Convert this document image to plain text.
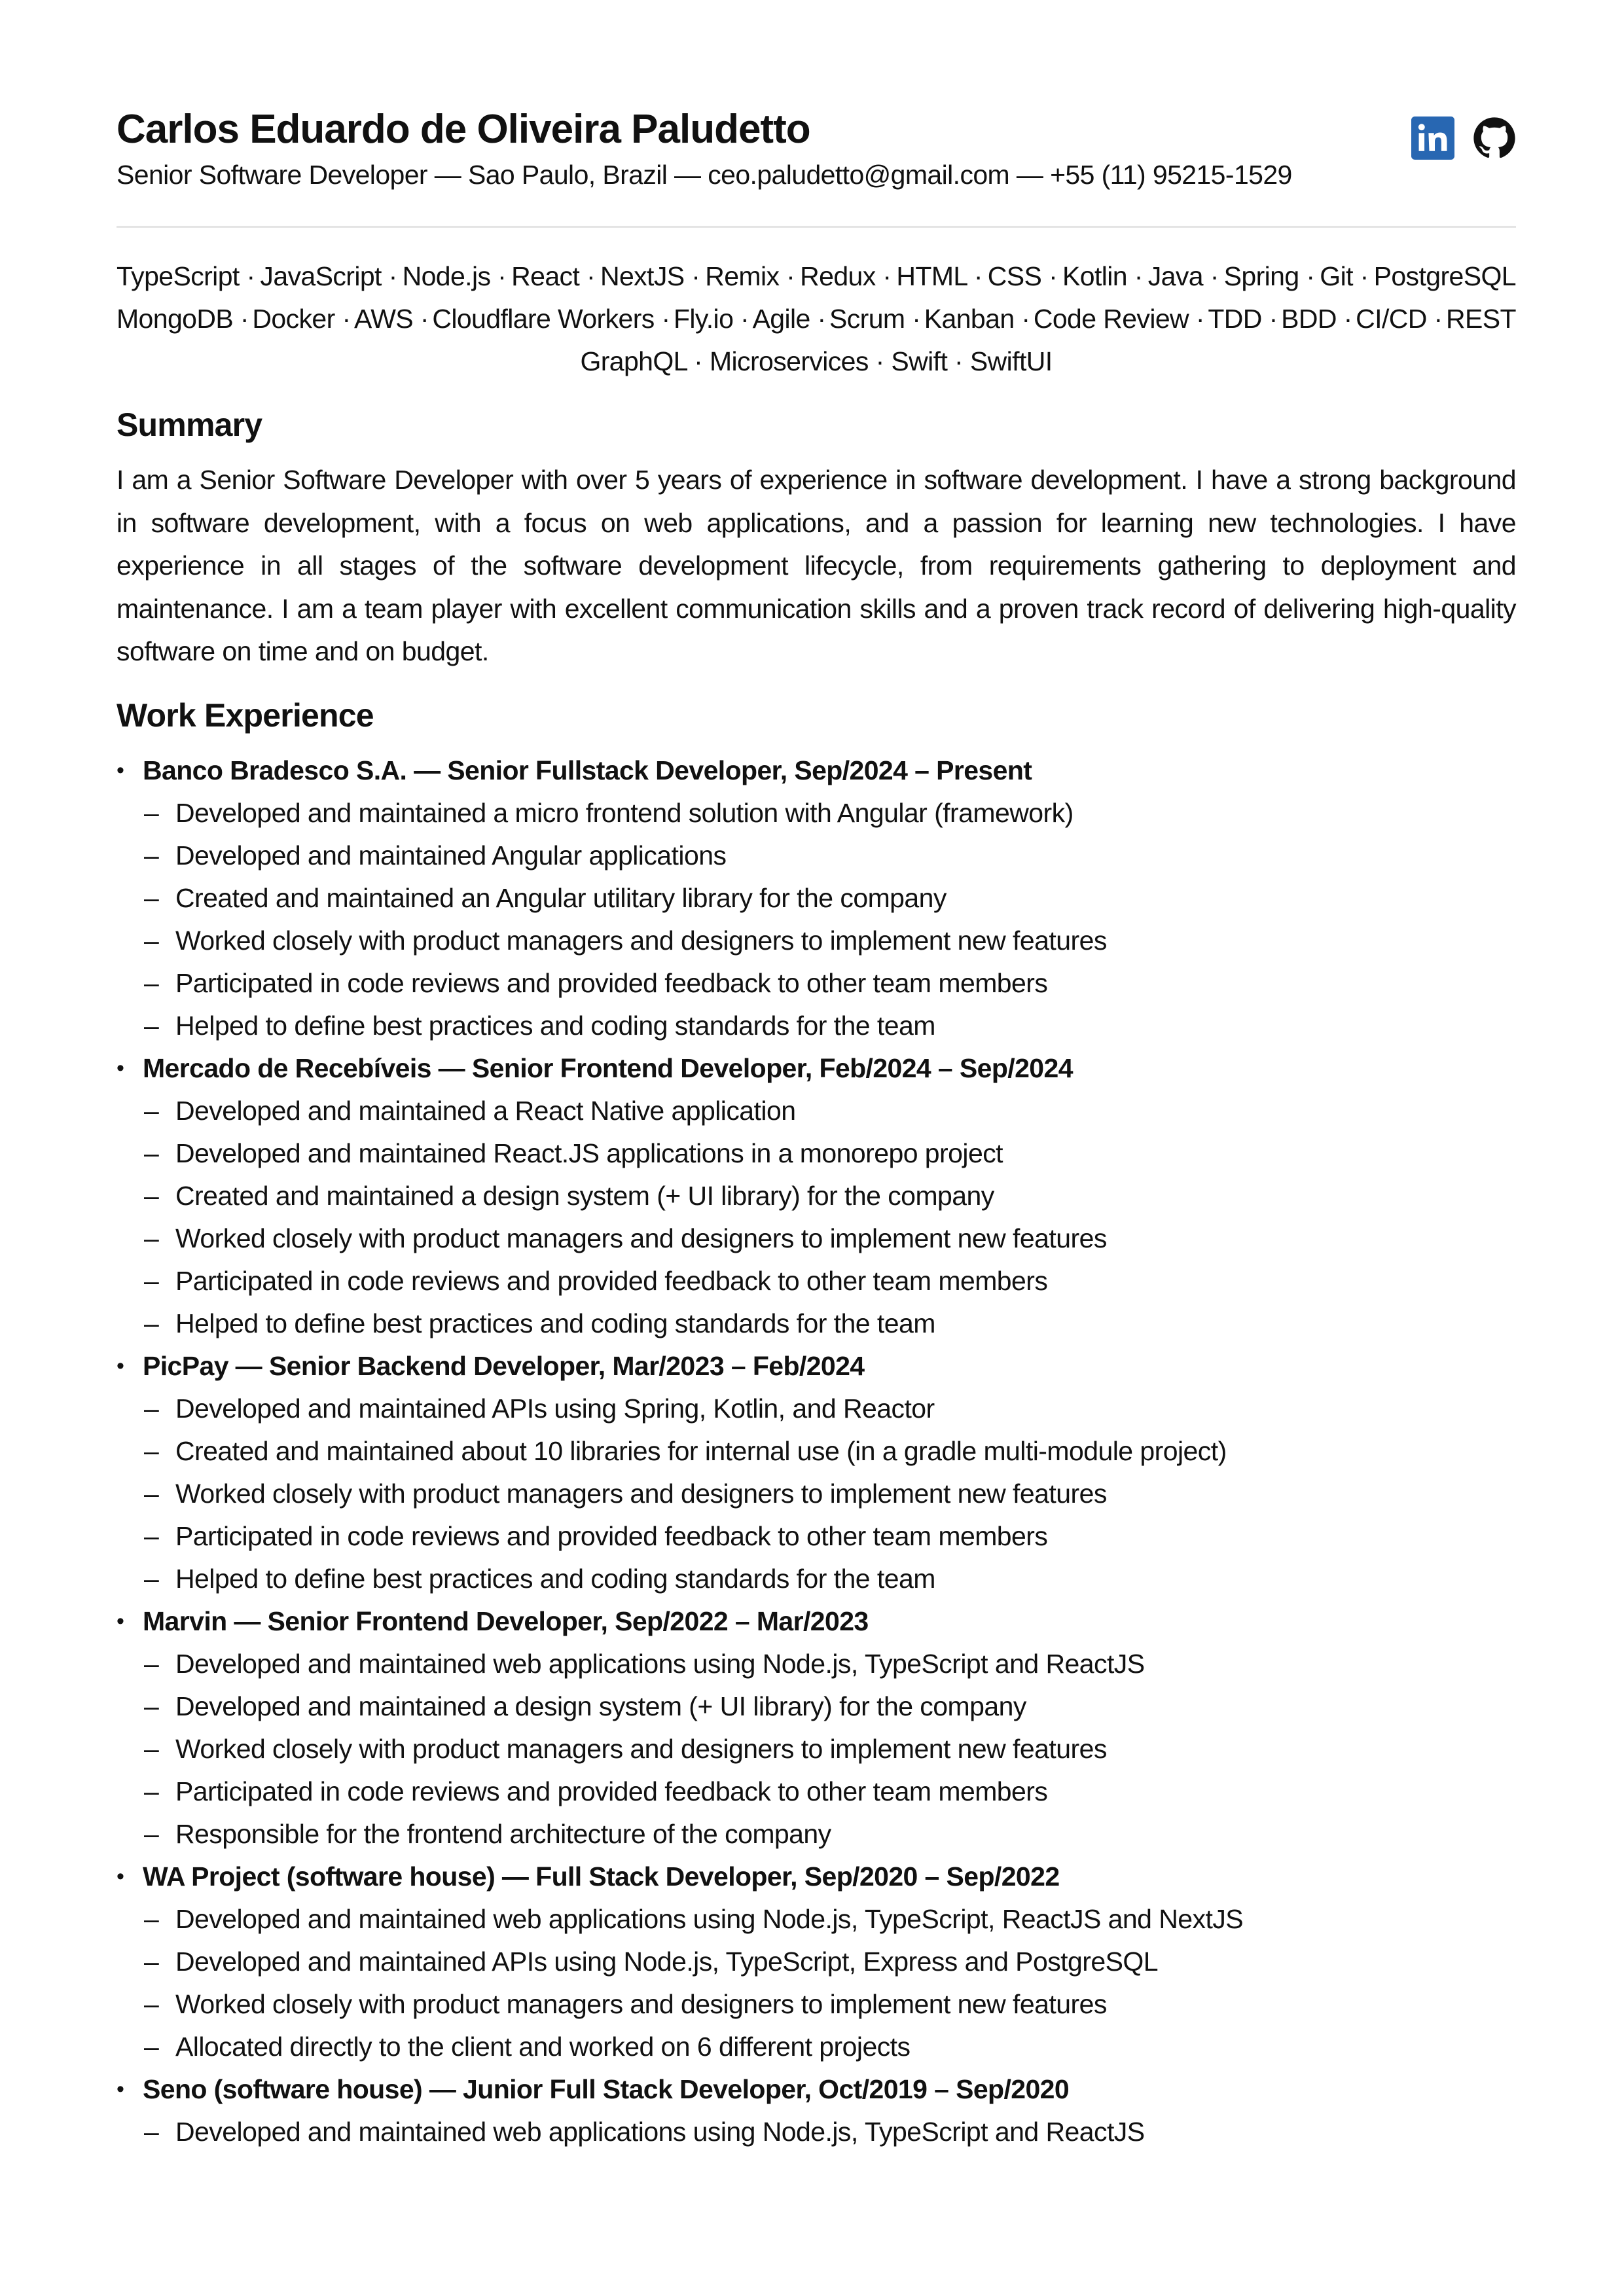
Carlos Eduardo de Oliveira Paludetto
Senior Software Developer — Sao Paulo, Brazil — ceo.paludetto@gmail.com — +55 (11) 95215-1529
TypeScript · JavaScript · Node.js · React · NextJS · Remix · Redux · HTML · CSS · Kotlin · Java · Spring · Git · PostgreSQL
MongoDB · Docker · AWS · Cloudflare Workers · Fly.io · Agile · Scrum · Kanban · Code Review · TDD · BDD · CI/CD · REST
GraphQL · Microservices · Swift · SwiftUI
Summary

I am a Senior Software Developer with over 5 years of experience in software development. I have a strong background in software development, with a focus on web applications, and a passion for learning new technologies. I have experience in all stages of the software development lifecycle, from requirements gathering to deployment and maintenance. I am a team player with excellent communication skills and a proven track record of delivering high-quality software on time and on budget.

Work Experience
• Banco Bradesco S.A. — Senior Fullstack Developer, Sep/2024 – Present
– Developed and maintained a micro frontend solution with Angular (framework)
– Developed and maintained Angular applications
– Created and maintained an Angular utilitary library for the company
– Worked closely with product managers and designers to implement new features
– Participated in code reviews and provided feedback to other team members
– Helped to define best practices and coding standards for the team
• Mercado de Recebíveis — Senior Frontend Developer, Feb/2024 – Sep/2024
– Developed and maintained a React Native application
– Developed and maintained React.JS applications in a monorepo project
– Created and maintained a design system (+ UI library) for the company
– Worked closely with product managers and designers to implement new features
– Participated in code reviews and provided feedback to other team members
– Helped to define best practices and coding standards for the team
• PicPay — Senior Backend Developer, Mar/2023 – Feb/2024
– Developed and maintained APIs using Spring, Kotlin, and Reactor
– Created and maintained about 10 libraries for internal use (in a gradle multi-module project)
– Worked closely with product managers and designers to implement new features
– Participated in code reviews and provided feedback to other team members
– Helped to define best practices and coding standards for the team
• Marvin — Senior Frontend Developer, Sep/2022 – Mar/2023
– Developed and maintained web applications using Node.js, TypeScript and ReactJS
– Developed and maintained a design system (+ UI library) for the company
– Worked closely with product managers and designers to implement new features
– Participated in code reviews and provided feedback to other team members
– Responsible for the frontend architecture of the company
• WA Project (software house) — Full Stack Developer, Sep/2020 – Sep/2022
– Developed and maintained web applications using Node.js, TypeScript, ReactJS and NextJS
– Developed and maintained APIs using Node.js, TypeScript, Express and PostgreSQL
– Worked closely with product managers and designers to implement new features
– Allocated directly to the client and worked on 6 different projects
• Seno (software house) — Junior Full Stack Developer, Oct/2019 – Sep/2020
– Developed and maintained web applications using Node.js, TypeScript and ReactJS
